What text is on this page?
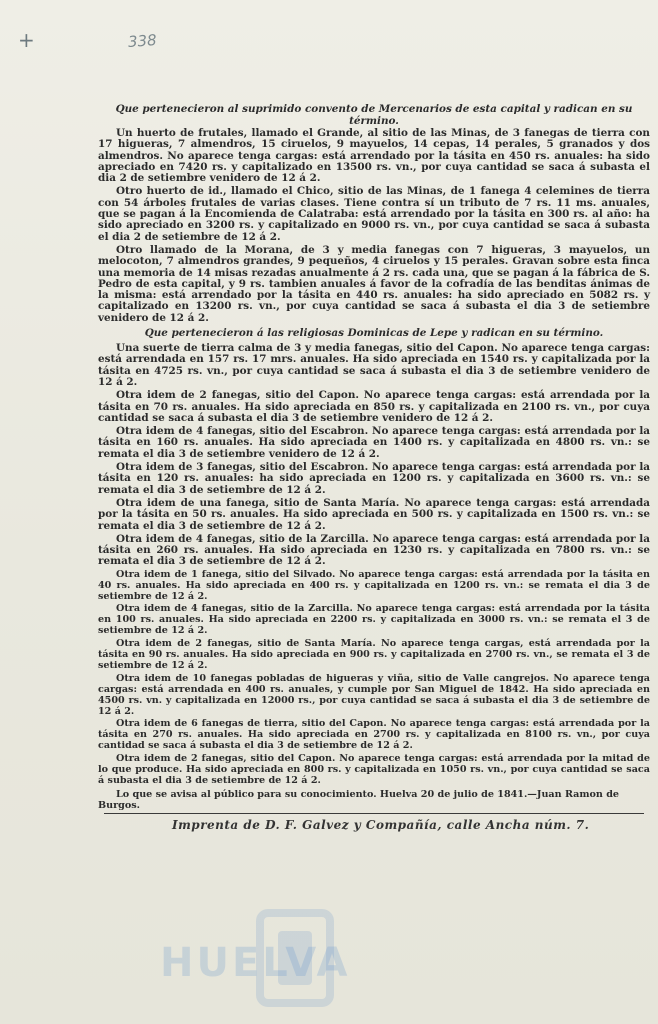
+	338
Que pertenecieron al suprimido convento de Mercenarios de esta capital y radican en su término.

Un huerto de frutales, llamado el Grande, al sitio de las Minas, de 3 fanegas de tierra con 17 higueras, 7 almendros, 15 ciruelos, 9 mayuelos, 14 cepas, 14 perales, 5 granados y dos almendros. No aparece tenga cargas: está arrendado por la tásita en 450 rs. anuales: ha sido apreciado en 7420 rs. y capitalizado en 13500 rs. vn., por cuya cantidad se saca á subasta el dia 2 de setiembre venidero de 12 á 2.

Otro huerto de id., llamado el Chico, sitio de las Minas, de 1 fanega 4 celemines de tierra con 54 árboles frutales de varias clases. Tiene contra sí un tributo de 7 rs. 11 ms. anuales, que se pagan á la Encomienda de Calatraba: está arrendado por la tásita en 300 rs. al año: ha sido apreciado en 3200 rs. y capitalizado en 9000 rs. vn., por cuya cantidad se saca á subasta el dia 2 de setiembre de 12 á 2.

Otro llamado de la Morana, de 3 y media fanegas con 7 higueras, 3 mayuelos, un melocoton, 7 almendros grandes, 9 pequeños, 4 ciruelos y 15 perales. Gravan sobre esta finca una memoria de 14 misas rezadas anualmente á 2 rs. cada una, que se pagan á la fábrica de S. Pedro de esta capital, y 9 rs. tambien anuales á favor de la cofradía de las benditas ánimas de la misma: está arrendado por la tásita en 440 rs. anuales: ha sido apreciado en 5082 rs. y capitalizado en 13200 rs. vn., por cuya cantidad se saca á subasta el dia 3 de setiembre venidero de 12 á 2.

Que pertenecieron á las religiosas Dominicas de Lepe y radican en su término.

Una suerte de tierra calma de 3 y media fanegas, sitio del Capon. No aparece tenga cargas: está arrendada en 157 rs. 17 mrs. anuales. Ha sido apreciada en 1540 rs. y capitalizada por la tásita en 4725 rs. vn., por cuya cantidad se saca á subasta el dia 3 de setiembre venidero de 12 á 2.

Otra idem de 2 fanegas, sitio del Capon. No aparece tenga cargas: está arrendada por la tásita en 70 rs. anuales. Ha sido apreciada en 850 rs. y capitalizada en 2100 rs. vn., por cuya cantidad se saca á subasta el dia 3 de setiembre venidero de 12 á 2.

Otra idem de 4 fanegas, sitio del Escabron. No aparece tenga cargas: está arrendada por la tásita en 160 rs. anuales. Ha sido apreciada en 1400 rs. y capitalizada en 4800 rs. vn.: se remata el dia 3 de setiembre venidero de 12 á 2.

Otra idem de 3 fanegas, sitio del Escabron. No aparece tenga cargas: está arrendada por la tásita en 120 rs. anuales: ha sido apreciada en 1200 rs. y capitalizada en 3600 rs. vn.: se remata el dia 3 de setiembre de 12 á 2.

Otra idem de una fanega, sitio de Santa María. No aparece tenga cargas: está arrendada por la tásita en 50 rs. anuales. Ha sido apreciada en 500 rs. y capitalizada en 1500 rs. vn.: se remata el dia 3 de setiembre de 12 á 2.

Otra idem de 4 fanegas, sitio de la Zarcilla. No aparece tenga cargas: está arrendada por la tásita en 260 rs. anuales. Ha sido apreciada en 1230 rs. y capitalizada en 7800 rs. vn.: se remata el dia 3 de setiembre de 12 á 2.

Otra idem de 1 fanega, sitio del Silvado. No aparece tenga cargas: está arrendada por la tásita en 40 rs. anuales. Ha sido apreciada en 400 rs. y capitalizada en 1200 rs. vn.: se remata el dia 3 de setiembre de 12 á 2.

Otra idem de 4 fanegas, sitio de la Zarcilla. No aparece tenga cargas: está arrendada por la tásita en 100 rs. anuales. Ha sido apreciada en 2200 rs. y capitalizada en 3000 rs. vn.: se remata el 3 de setiembre de 12 á 2.

Otra idem de 2 fanegas, sitio de Santa María. No aparece tenga cargas, está arrendada por la tásita en 90 rs. anuales. Ha sido apreciada en 900 rs. y capitalizada en 2700 rs. vn., se remata el 3 de setiembre de 12 á 2.

Otra idem de 10 fanegas pobladas de higueras y viña, sitio de Valle cangrejos. No aparece tenga cargas: está arrendada en 400 rs. anuales, y cumple por San Miguel de 1842. Ha sido apreciada en 4500 rs. vn. y capitalizada en 12000 rs., por cuya cantidad se saca á subasta el dia 3 de setiembre de 12 á 2.

Otra idem de 6 fanegas de tierra, sitio del Capon. No aparece tenga cargas: está arrendada por la tásita en 270 rs. anuales. Ha sido apreciada en 2700 rs. y capitalizada en 8100 rs. vn., por cuya cantidad se saca á subasta el dia 3 de setiembre de 12 á 2.

Otra idem de 2 fanegas, sitio del Capon. No aparece tenga cargas: está arrendada por la mitad de lo que produce. Ha sido apreciada en 800 rs. y capitalizada en 1050 rs. vn., por cuya cantidad se saca á subasta el dia 3 de setiembre de 12 á 2.

Lo que se avisa al público para su conocimiento. Huelva 20 de julio de 1841.—Juan Ramon de Burgos.

Imprenta de D. F. Galvez y Compañía, calle Ancha núm. 7.
HUELVA
